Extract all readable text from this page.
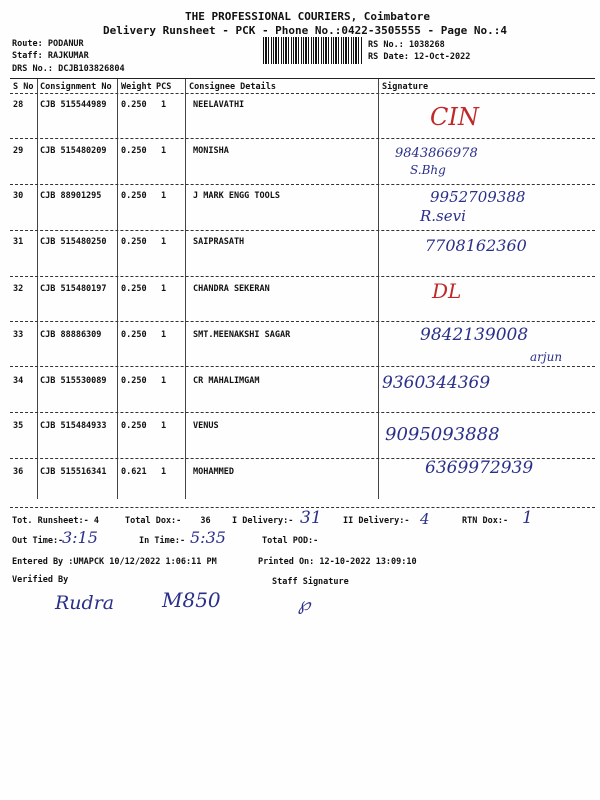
THE PROFESSIONAL COURIERS, Coimbatore
Delivery Runsheet - PCK - Phone No.:0422-3505555 - Page No.:4
Route: PODANUR
Staff: RAJKUMAR
DRS No.: DCJB103826804
RS No.: 1038268
RS Date: 12-Oct-2022
S No Consignment No Weight PCS Consignee Details	Signature
28 CJB 515544989 0.250 1	NEELAVATHI	CIN
29 CJB 515480209 0.250 1	MONISHA	9843866978
30 CJB 88901295 0.250 1	J MARK ENGG TOOLS	9952709388
31 CJB 515480250 0.250 1	SAIPRASATH	7708162360
32 CJB 515480197 0.250 1	CHANDRA SEKERAN	DL
33 CJB 88886309 0.250 1	SMT.MEENAKSHI SAGAR	9842139008
34 CJB 515530089 0.250 1	CR MAHALIMGAM	9360344369
35 CJB 515484933 0.250 1	VENUS	9095093888
36 CJB 515516341 0.621 1	MOHAMMED	6369972939
S.Bhg
R.sevi
arjun
Tot. Runsheet:- 4	Total Dox:- 36	I Delivery:- 31	II Delivery:- 4	RTN Dox:- 1
Out Time:-
3:15	In Time:- 5:35	Total POD:-
Entered By :UMAPCK 10/12/2022 1:06:11 PM	Printed On: 12-10-2022 13:09:10
Verified By	Staff Signature
Rudra M850	℘
